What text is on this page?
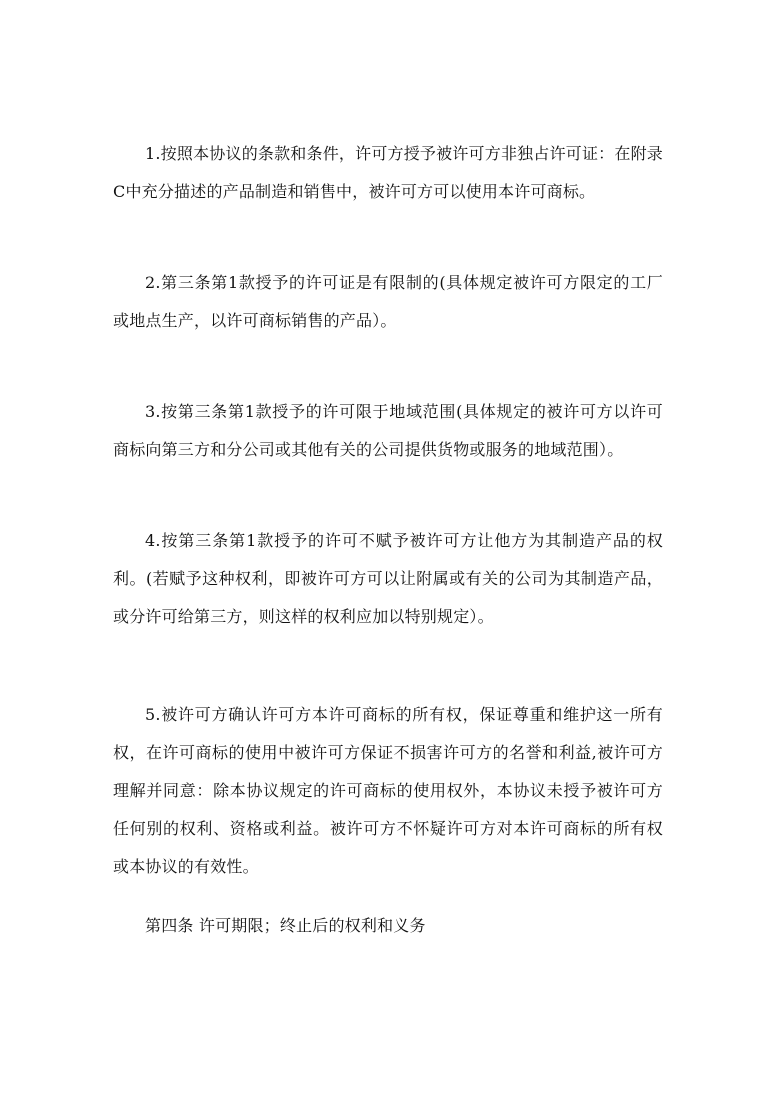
1.按照本协议的条款和条件，许可方授予被许可方非独占许可证：在附录C中充分描述的产品制造和销售中，被许可方可以使用本许可商标。

2.第三条第1款授予的许可证是有限制的(具体规定被许可方限定的工厂或地点生产，以许可商标销售的产品）。

3.按第三条第1款授予的许可限于地域范围(具体规定的被许可方以许可商标向第三方和分公司或其他有关的公司提供货物或服务的地域范围）。

4.按第三条第1款授予的许可不赋予被许可方让他方为其制造产品的权利。(若赋予这种权利，即被许可方可以让附属或有关的公司为其制造产品，或分许可给第三方，则这样的权利应加以特别规定）。

5.被许可方确认许可方本许可商标的所有权，保证尊重和维护这一所有权，在许可商标的使用中被许可方保证不损害许可方的名誉和利益,被许可方理解并同意：除本协议规定的许可商标的使用权外，本协议未授予被许可方任何别的权利、资格或利益。被许可方不怀疑许可方对本许可商标的所有权或本协议的有效性。

第四条 许可期限；终止后的权利和义务
